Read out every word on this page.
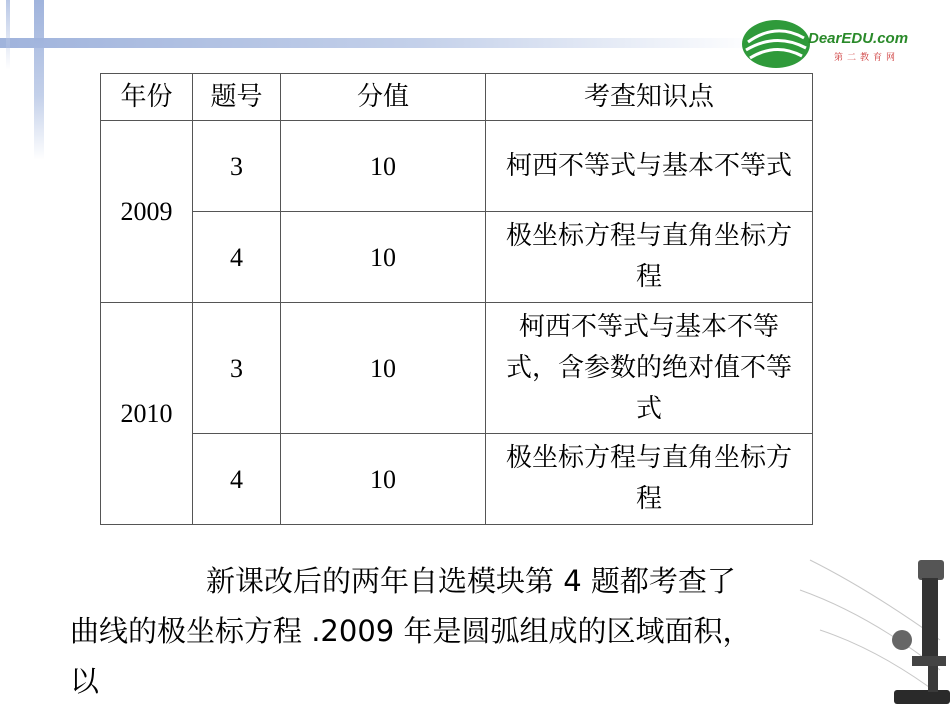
DearEDU.com
第二教育网
年份	题号	分值	考查知识点
2009	3	10	柯西不等式与基本不等式

	4	10	极坐标方程与直角坐标方程

2010	3	10	柯西不等式与基本不等式，含参数的绝对值不等式

	4	10	极坐标方程与直角坐标方程
新课改后的两年自选模块第 4 题都考查了
曲线的极坐标方程 .2009 年是圆弧组成的区域面积，
以
